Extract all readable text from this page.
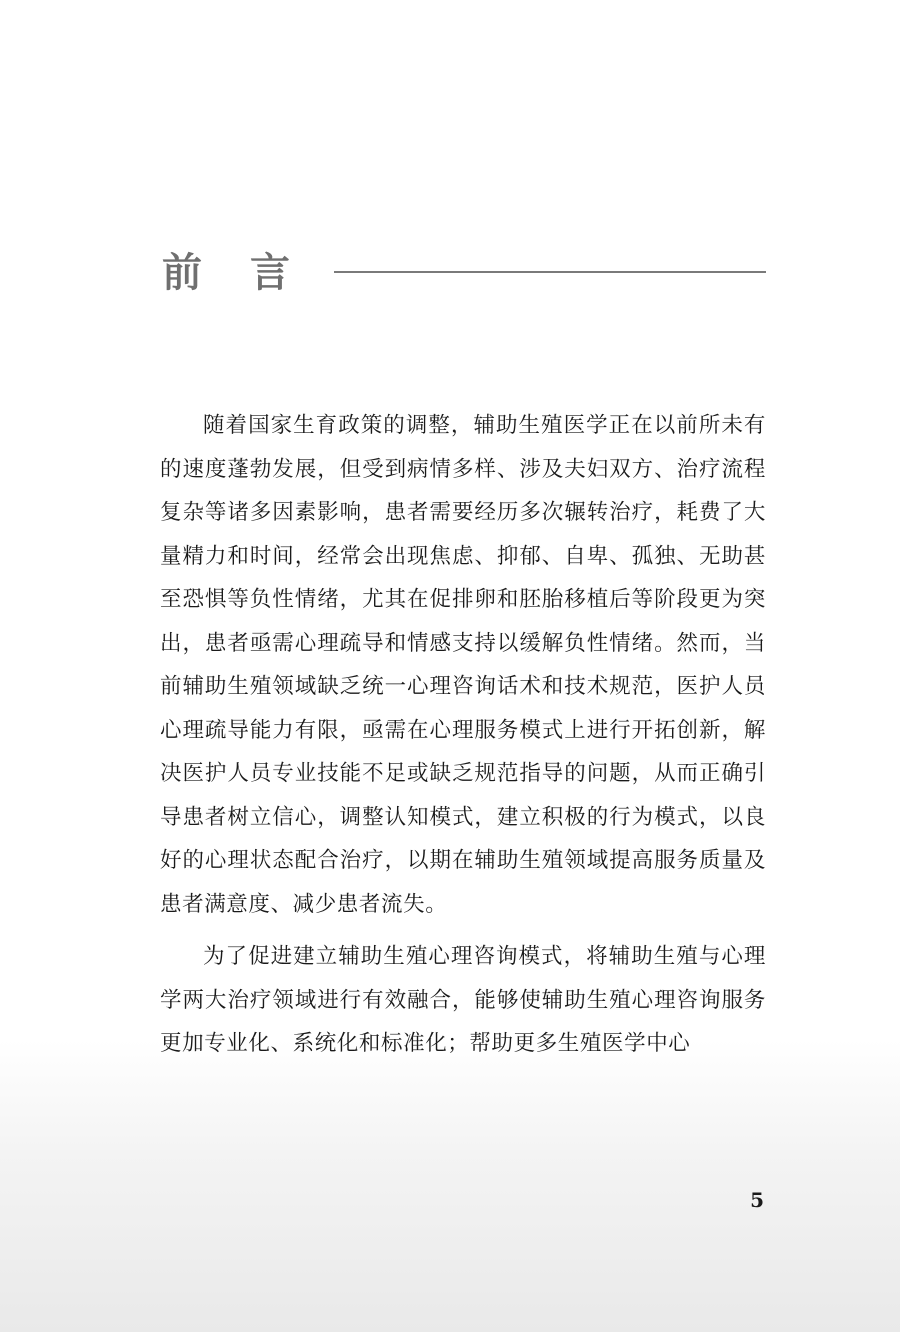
前言

随着国家生育政策的调整，辅助生殖医学正在以前所未有的速度蓬勃发展，但受到病情多样、涉及夫妇双方、治疗流程复杂等诸多因素影响，患者需要经历多次辗转治疗，耗费了大量精力和时间，经常会出现焦虑、抑郁、自卑、孤独、无助甚至恐惧等负性情绪，尤其在促排卵和胚胎移植后等阶段更为突出，患者亟需心理疏导和情感支持以缓解负性情绪。然而，当前辅助生殖领域缺乏统一心理咨询话术和技术规范，医护人员心理疏导能力有限，亟需在心理服务模式上进行开拓创新，解决医护人员专业技能不足或缺乏规范指导的问题，从而正确引导患者树立信心，调整认知模式，建立积极的行为模式，以良好的心理状态配合治疗，以期在辅助生殖领域提高服务质量及患者满意度、减少患者流失。

为了促进建立辅助生殖心理咨询模式，将辅助生殖与心理学两大治疗领域进行有效融合，能够使辅助生殖心理咨询服务更加专业化、系统化和标准化；帮助更多生殖医学中心

5
